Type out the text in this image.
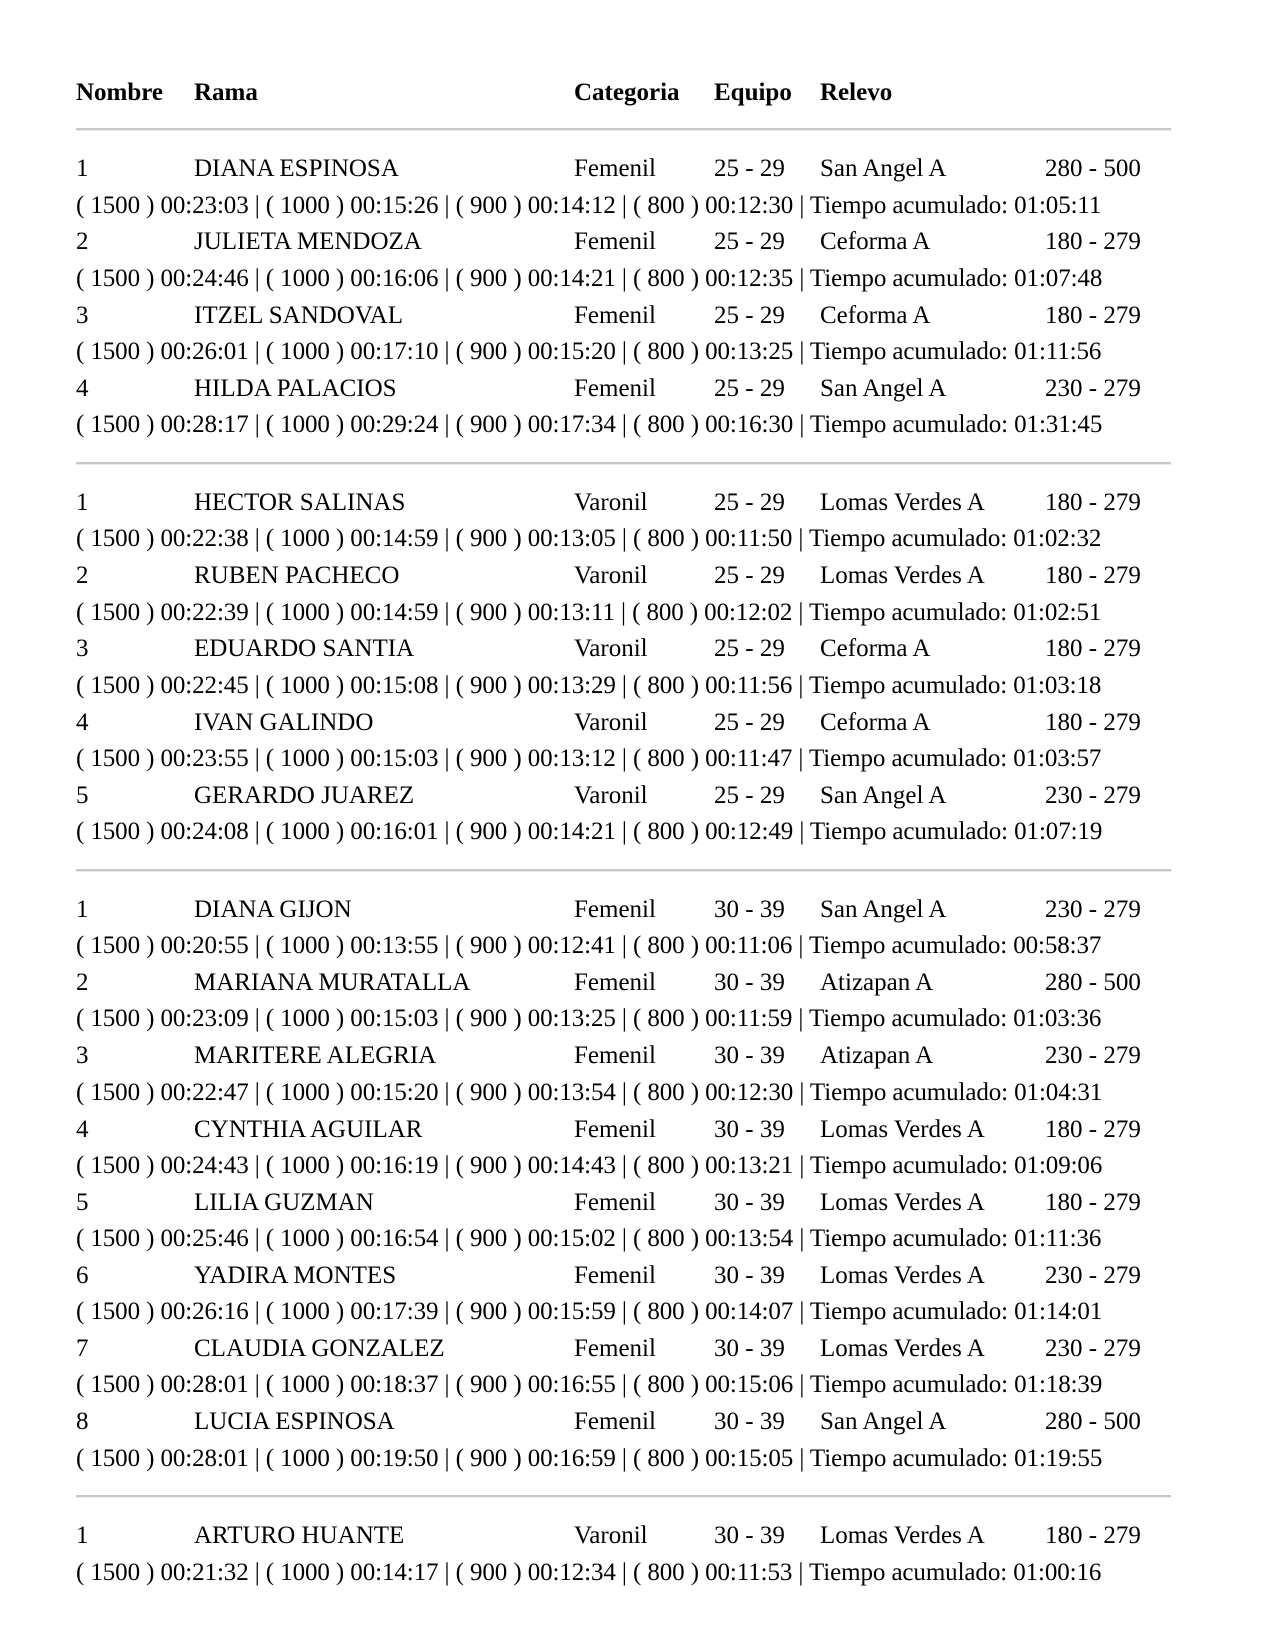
Nombre	Rama	Categoria	Equipo	Relevo
1	DIANA ESPINOSA	Femenil	25 - 29	San Angel A	280 - 500
( 1500 ) 00:23:03 | ( 1000 ) 00:15:26 | ( 900 ) 00:14:12 | ( 800 ) 00:12:30 | Tiempo acumulado: 01:05:11
2	JULIETA MENDOZA	Femenil	25 - 29	Ceforma A	180 - 279
( 1500 ) 00:24:46 | ( 1000 ) 00:16:06 | ( 900 ) 00:14:21 | ( 800 ) 00:12:35 | Tiempo acumulado: 01:07:48
3	ITZEL SANDOVAL	Femenil	25 - 29	Ceforma A	180 - 279
( 1500 ) 00:26:01 | ( 1000 ) 00:17:10 | ( 900 ) 00:15:20 | ( 800 ) 00:13:25 | Tiempo acumulado: 01:11:56
4	HILDA PALACIOS	Femenil	25 - 29	San Angel A	230 - 279
( 1500 ) 00:28:17 | ( 1000 ) 00:29:24 | ( 900 ) 00:17:34 | ( 800 ) 00:16:30 | Tiempo acumulado: 01:31:45
1	HECTOR SALINAS	Varonil	25 - 29	Lomas Verdes A	180 - 279
( 1500 ) 00:22:38 | ( 1000 ) 00:14:59 | ( 900 ) 00:13:05 | ( 800 ) 00:11:50 | Tiempo acumulado: 01:02:32
2	RUBEN PACHECO	Varonil	25 - 29	Lomas Verdes A	180 - 279
( 1500 ) 00:22:39 | ( 1000 ) 00:14:59 | ( 900 ) 00:13:11 | ( 800 ) 00:12:02 | Tiempo acumulado: 01:02:51
3	EDUARDO SANTIA	Varonil	25 - 29	Ceforma A	180 - 279
( 1500 ) 00:22:45 | ( 1000 ) 00:15:08 | ( 900 ) 00:13:29 | ( 800 ) 00:11:56 | Tiempo acumulado: 01:03:18
4	IVAN GALINDO	Varonil	25 - 29	Ceforma A	180 - 279
( 1500 ) 00:23:55 | ( 1000 ) 00:15:03 | ( 900 ) 00:13:12 | ( 800 ) 00:11:47 | Tiempo acumulado: 01:03:57
5	GERARDO JUAREZ	Varonil	25 - 29	San Angel A	230 - 279
( 1500 ) 00:24:08 | ( 1000 ) 00:16:01 | ( 900 ) 00:14:21 | ( 800 ) 00:12:49 | Tiempo acumulado: 01:07:19
1	DIANA GIJON	Femenil	30 - 39	San Angel A	230 - 279
( 1500 ) 00:20:55 | ( 1000 ) 00:13:55 | ( 900 ) 00:12:41 | ( 800 ) 00:11:06 | Tiempo acumulado: 00:58:37
2	MARIANA MURATALLA	Femenil	30 - 39	Atizapan A	280 - 500
( 1500 ) 00:23:09 | ( 1000 ) 00:15:03 | ( 900 ) 00:13:25 | ( 800 ) 00:11:59 | Tiempo acumulado: 01:03:36
3	MARITERE ALEGRIA	Femenil	30 - 39	Atizapan A	230 - 279
( 1500 ) 00:22:47 | ( 1000 ) 00:15:20 | ( 900 ) 00:13:54 | ( 800 ) 00:12:30 | Tiempo acumulado: 01:04:31
4	CYNTHIA AGUILAR	Femenil	30 - 39	Lomas Verdes A	180 - 279
( 1500 ) 00:24:43 | ( 1000 ) 00:16:19 | ( 900 ) 00:14:43 | ( 800 ) 00:13:21 | Tiempo acumulado: 01:09:06
5	LILIA GUZMAN	Femenil	30 - 39	Lomas Verdes A	180 - 279
( 1500 ) 00:25:46 | ( 1000 ) 00:16:54 | ( 900 ) 00:15:02 | ( 800 ) 00:13:54 | Tiempo acumulado: 01:11:36
6	YADIRA MONTES	Femenil	30 - 39	Lomas Verdes A	230 - 279
( 1500 ) 00:26:16 | ( 1000 ) 00:17:39 | ( 900 ) 00:15:59 | ( 800 ) 00:14:07 | Tiempo acumulado: 01:14:01
7	CLAUDIA GONZALEZ	Femenil	30 - 39	Lomas Verdes A	230 - 279
( 1500 ) 00:28:01 | ( 1000 ) 00:18:37 | ( 900 ) 00:16:55 | ( 800 ) 00:15:06 | Tiempo acumulado: 01:18:39
8	LUCIA ESPINOSA	Femenil	30 - 39	San Angel A	280 - 500
( 1500 ) 00:28:01 | ( 1000 ) 00:19:50 | ( 900 ) 00:16:59 | ( 800 ) 00:15:05 | Tiempo acumulado: 01:19:55
1	ARTURO HUANTE	Varonil	30 - 39	Lomas Verdes A	180 - 279
( 1500 ) 00:21:32 | ( 1000 ) 00:14:17 | ( 900 ) 00:12:34 | ( 800 ) 00:11:53 | Tiempo acumulado: 01:00:16
